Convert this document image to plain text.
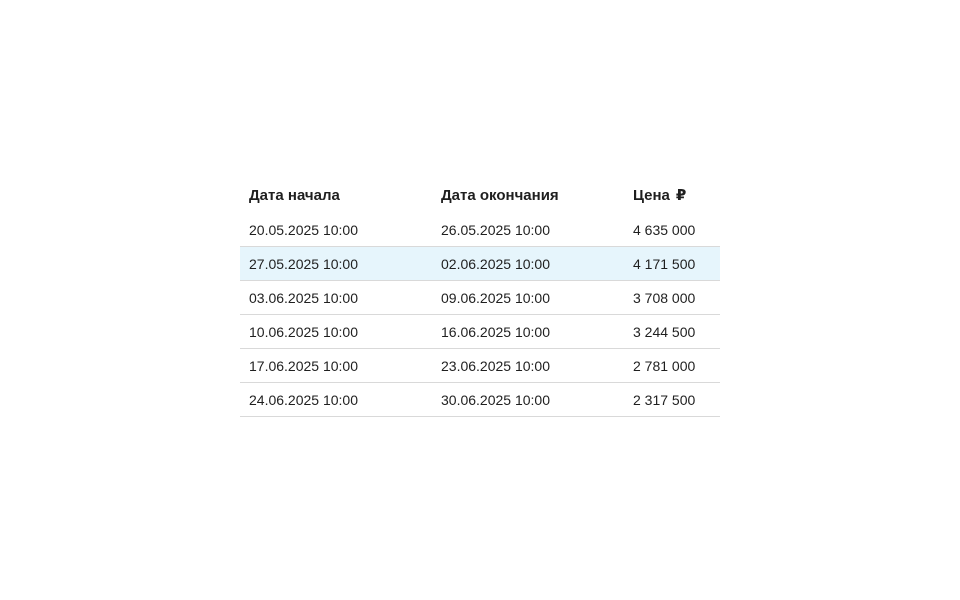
Дата начала	Дата окончания	Цена ₽
20.05.2025 10:00	26.05.2025 10:00	4 635 000
27.05.2025 10:00	02.06.2025 10:00	4 171 500
03.06.2025 10:00	09.06.2025 10:00	3 708 000
10.06.2025 10:00	16.06.2025 10:00	3 244 500
17.06.2025 10:00	23.06.2025 10:00	2 781 000
24.06.2025 10:00	30.06.2025 10:00	2 317 500
